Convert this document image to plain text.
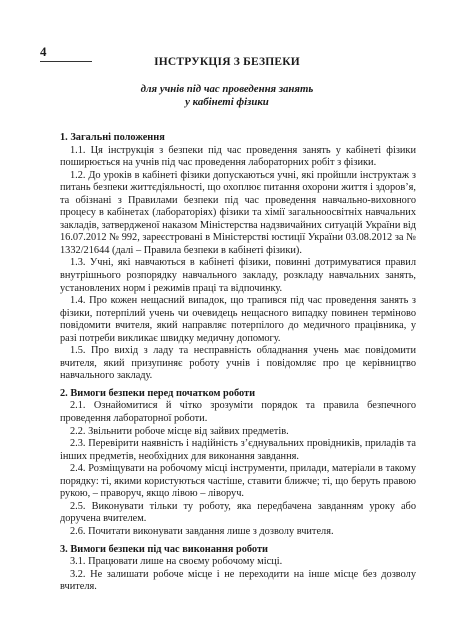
4
ІНСТРУКЦІЯ З БЕЗПЕКИ
для учнів під час проведення занять
у кабінеті фізики

1. Загальні положення

1.1. Ця інструкція з безпеки під час проведення занять у кабінеті фізики поширюється на учнів під час проведення лабораторних робіт з фізики.

1.2. До уроків в кабінеті фізики допускаються учні, які пройшли інструктаж з питань безпеки життєдіяльності, що охоплює питання охорони життя і здоров’я, та обізнані з Правилами безпеки під час проведення навчально-виховного процесу в кабінетах (лабораторіях) фізики та хімії загальноосвітніх навчальних закладів, затвердженої наказом Міністерства надзвичайних ситуацій України від 16.07.2012 № 992, зареєстровані в Міністерстві юстиції України 03.08.2012 за № 1332/21644 (далі – Правила безпеки в кабінеті фізики).

1.3. Учні, які навчаються в кабінеті фізики, повинні дотримуватися правил внутрішнього розпорядку навчального закладу, розкладу навчальних занять, установлених норм і режимів праці та відпочинку.

1.4. Про кожен нещасний випадок, що трапився під час проведення занять з фізики, потерпілий учень чи очевидець нещасного випадку повинен терміново повідомити вчителя, який направляє потерпілого до медичного працівника, у разі потреби викликає швидку медичну допомогу.

1.5. Про вихід з ладу та несправність обладнання учень має повідомити вчителя, який призупиняє роботу учнів і повідомляє про це керівництво навчального закладу.

2. Вимоги безпеки перед початком роботи

2.1. Ознайомитися й чітко зрозуміти порядок та правила безпечного проведення лабораторної роботи.

2.2. Звільнити робоче місце від зайвих предметів.

2.3. Перевірити наявність і надійність з’єднувальних провідників, приладів та інших предметів, необхідних для виконання завдання.

2.4. Розміщувати на робочому місці інструменти, прилади, матеріали в такому порядку: ті, якими користуються частіше, ставити ближче; ті, що беруть правою рукою, – праворуч, якщо лівою – ліворуч.

2.5. Виконувати тільки ту роботу, яка передбачена завданням уроку або доручена вчителем.

2.6. Почитати виконувати завдання лише з дозволу вчителя.

3. Вимоги безпеки під час виконання роботи

3.1. Працювати лише на своєму робочому місці.

3.2. Не залишати робоче місце і не переходити на інше місце без дозволу вчителя.
